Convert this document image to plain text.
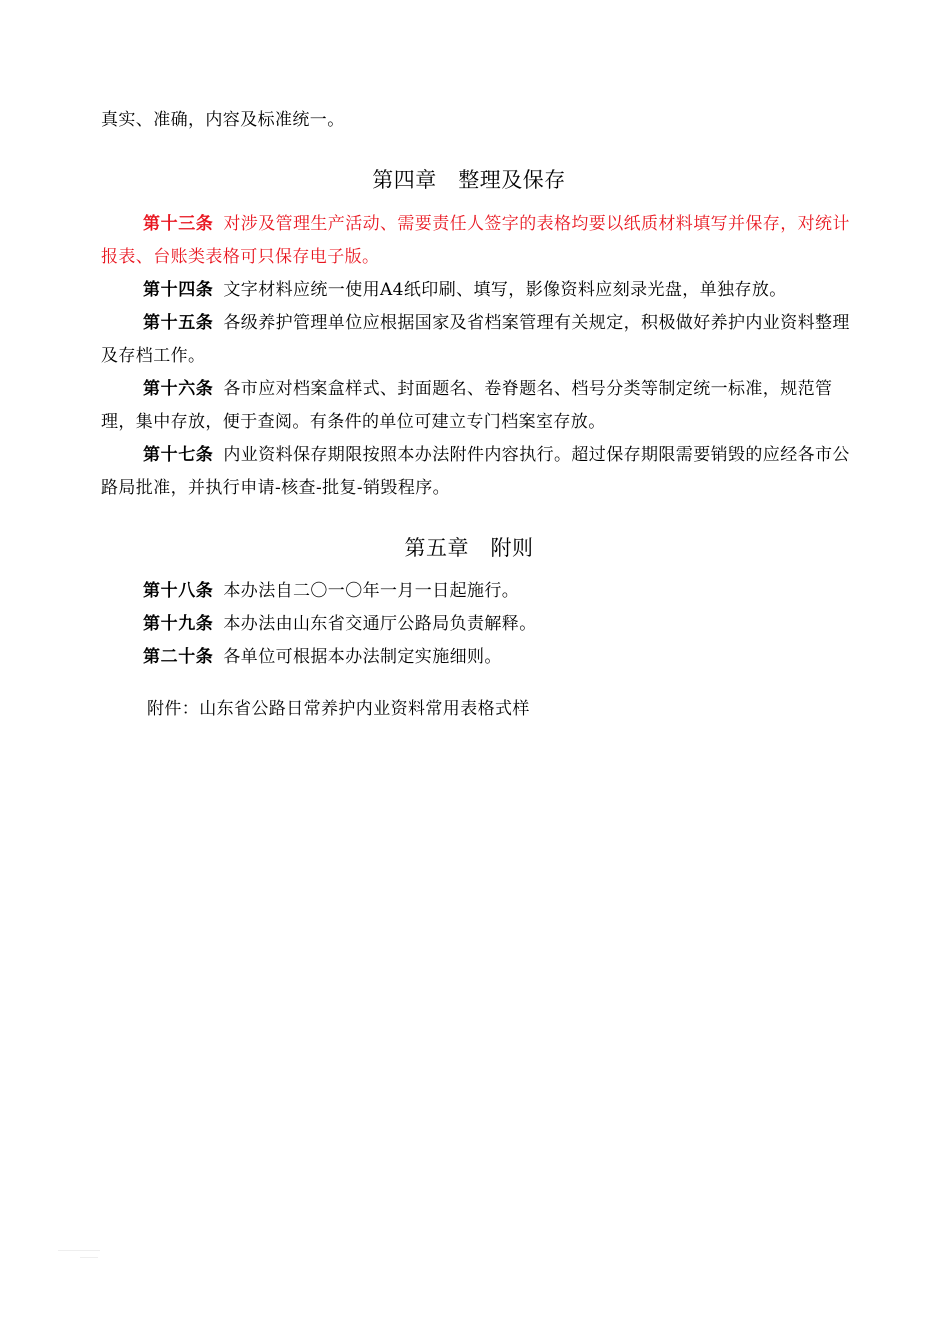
真实、准确，内容及标准统一。
第四章　整理及保存

第十三条 对涉及管理生产活动、需要责任人签字的表格均要以纸质材料填写并保存，对统计报表、台账类表格可只保存电子版。

第十四条 文字材料应统一使用A4纸印刷、填写，影像资料应刻录光盘，单独存放。

第十五条 各级养护管理单位应根据国家及省档案管理有关规定，积极做好养护内业资料整理及存档工作。

第十六条 各市应对档案盒样式、封面题名、卷脊题名、档号分类等制定统一标准，规范管理，集中存放，便于查阅。有条件的单位可建立专门档案室存放。

第十七条 内业资料保存期限按照本办法附件内容执行。超过保存期限需要销毁的应经各市公路局批准，并执行申请-核查-批复-销毁程序。

第五章　附则

第十八条 本办法自二〇一〇年一月一日起施行。

第十九条 本办法由山东省交通厅公路局负责解释。

第二十条 各单位可根据本办法制定实施细则。

附件：山东省公路日常养护内业资料常用表格式样
